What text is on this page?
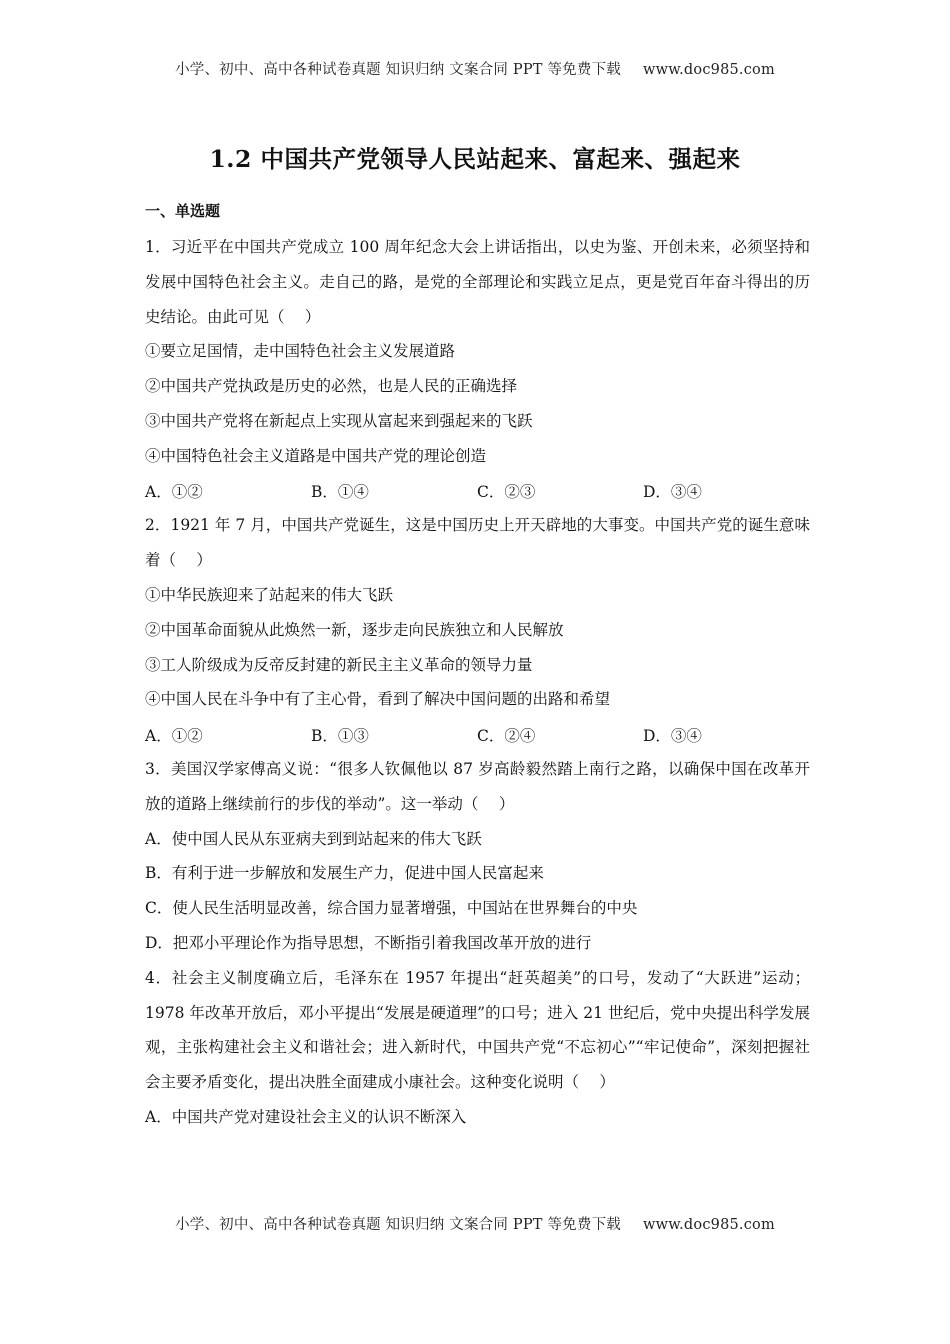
小学、初中、高中各种试卷真题 知识归纳 文案合同 PPT 等免费下载 www.doc985.com
1.2 中国共产党领导人民站起来、富起来、强起来
一、单选题

1．习近平在中国共产党成立 100 周年纪念大会上讲话指出，以史为鉴、开创未来，必须坚持和发展中国特色社会主义。走自己的路，是党的全部理论和实践立足点，更是党百年奋斗得出的历史结论。由此可见（　 ）

①要立足国情，走中国特色社会主义发展道路

②中国共产党执政是历史的必然，也是人民的正确选择

③中国共产党将在新起点上实现从富起来到强起来的飞跃

④中国特色社会主义道路是中国共产党的理论创造

A．①②	B．①④	C．②③	D．③④

2．1921 年 7 月，中国共产党诞生，这是中国历史上开天辟地的大事变。中国共产党的诞生意味着（　 ）

①中华民族迎来了站起来的伟大飞跃

②中国革命面貌从此焕然一新，逐步走向民族独立和人民解放

③工人阶级成为反帝反封建的新民主主义革命的领导力量

④中国人民在斗争中有了主心骨，看到了解决中国问题的出路和希望

A．①②	B．①③	C．②④	D．③④

3．美国汉学家傅高义说：“很多人钦佩他以 87 岁高龄毅然踏上南行之路，以确保中国在改革开放的道路上继续前行的步伐的举动”。这一举动（　 ）

A．使中国人民从东亚病夫到到站起来的伟大飞跃

B．有利于进一步解放和发展生产力，促进中国人民富起来

C．使人民生活明显改善，综合国力显著增强，中国站在世界舞台的中央

D．把邓小平理论作为指导思想，不断指引着我国改革开放的进行

4．社会主义制度确立后，毛泽东在 1957 年提出“赶英超美”的口号，发动了“大跃进”运动；1978 年改革开放后，邓小平提出“发展是硬道理”的口号；进入 21 世纪后，党中央提出科学发展观，主张构建社会主义和谐社会；进入新时代，中国共产党“不忘初心”“牢记使命”，深刻把握社会主要矛盾变化，提出决胜全面建成小康社会。这种变化说明（　 ）

A．中国共产党对建设社会主义的认识不断深入

小学、初中、高中各种试卷真题 知识归纳 文案合同 PPT 等免费下载 www.doc985.com
